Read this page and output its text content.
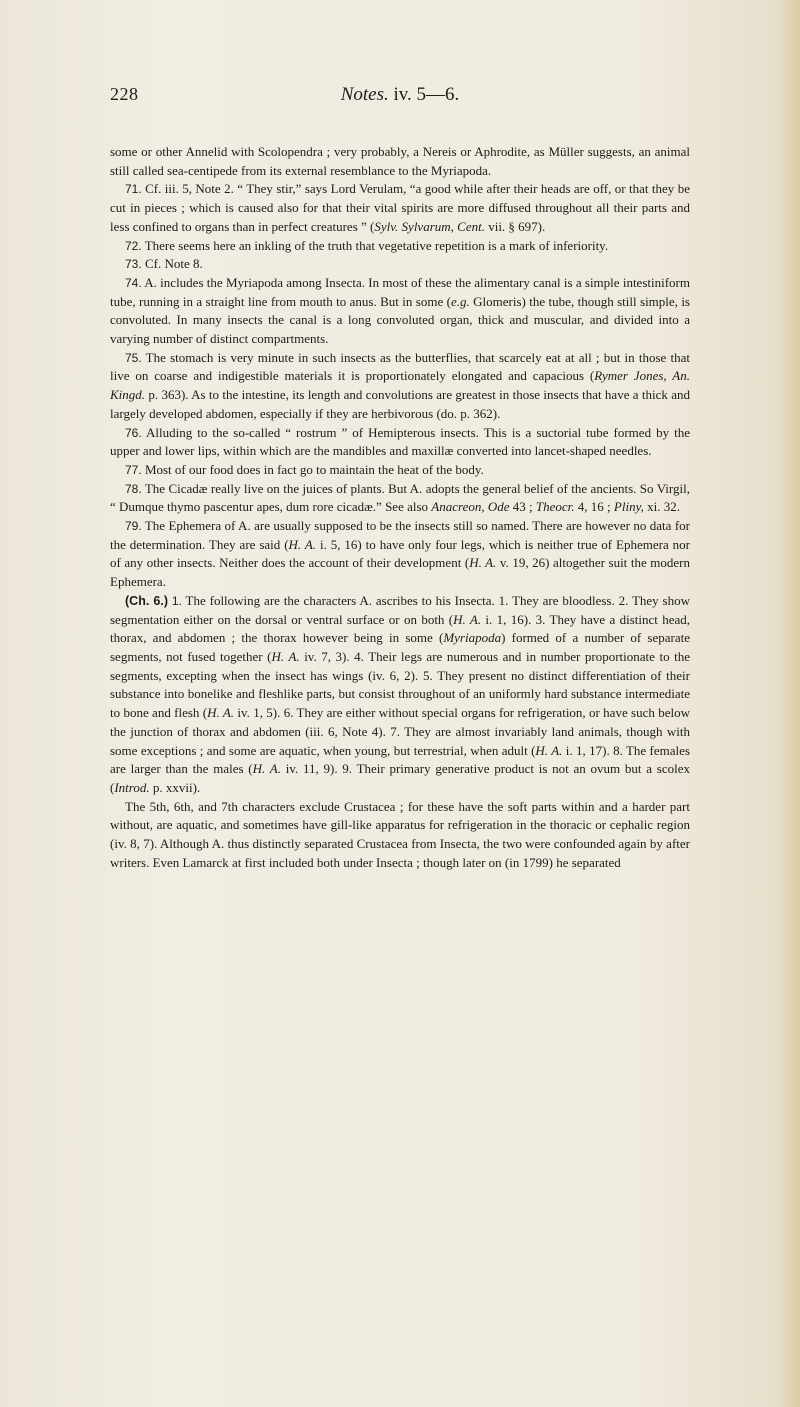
228	Notes. iv. 5—6.

some or other Annelid with Scolopendra ; very probably, a Nereis or Aphrodite, as Müller suggests, an animal still called sea-centipede from its external resemblance to the Myriapoda.

71. Cf. iii. 5, Note 2. “ They stir,” says Lord Verulam, “a good while after their heads are off, or that they be cut in pieces ; which is caused also for that their vital spirits are more diffused throughout all their parts and less confined to organs than in perfect creatures ” (Sylv. Sylvarum, Cent. vii. § 697).

72. There seems here an inkling of the truth that vegetative repetition is a mark of inferiority.

73. Cf. Note 8.

74. A. includes the Myriapoda among Insecta. In most of these the alimentary canal is a simple intestiniform tube, running in a straight line from mouth to anus. But in some (e.g. Glomeris) the tube, though still simple, is convoluted. In many insects the canal is a long convoluted organ, thick and muscular, and divided into a varying number of distinct compartments.

75. The stomach is very minute in such insects as the butterflies, that scarcely eat at all ; but in those that live on coarse and indigestible materials it is proportionately elongated and capacious (Rymer Jones, An. Kingd. p. 363). As to the intestine, its length and convolutions are greatest in those insects that have a thick and largely developed abdomen, especially if they are herbivorous (do. p. 362).

76. Alluding to the so-called “ rostrum ” of Hemipterous insects. This is a suctorial tube formed by the upper and lower lips, within which are the mandibles and maxillæ converted into lancet-shaped needles.

77. Most of our food does in fact go to maintain the heat of the body.

78. The Cicadæ really live on the juices of plants. But A. adopts the general belief of the ancients. So Virgil, “ Dumque thymo pascentur apes, dum rore cicadæ.” See also Anacreon, Ode 43 ; Theocr. 4, 16 ; Pliny, xi. 32.

79. The Ephemera of A. are usually supposed to be the insects still so named. There are however no data for the determination. They are said (H. A. i. 5, 16) to have only four legs, which is neither true of Ephemera nor of any other insects. Neither does the account of their development (H. A. v. 19, 26) altogether suit the modern Ephemera.

(Ch. 6.) 1. The following are the characters A. ascribes to his Insecta. 1. They are bloodless. 2. They show segmentation either on the dorsal or ventral surface or on both (H. A. i. 1, 16). 3. They have a distinct head, thorax, and abdomen ; the thorax however being in some (Myriapoda) formed of a number of separate segments, not fused together (H. A. iv. 7, 3). 4. Their legs are numerous and in number proportionate to the segments, excepting when the insect has wings (iv. 6, 2). 5. They present no distinct differentiation of their substance into bonelike and fleshlike parts, but consist throughout of an uniformly hard substance intermediate to bone and flesh (H. A. iv. 1, 5). 6. They are either without special organs for refrigeration, or have such below the junction of thorax and abdomen (iii. 6, Note 4). 7. They are almost invariably land animals, though with some exceptions ; and some are aquatic, when young, but terrestrial, when adult (H. A. i. 1, 17). 8. The females are larger than the males (H. A. iv. 11, 9). 9. Their primary generative product is not an ovum but a scolex (Introd. p. xxvii).

The 5th, 6th, and 7th characters exclude Crustacea ; for these have the soft parts within and a harder part without, are aquatic, and sometimes have gill-like apparatus for refrigeration in the thoracic or cephalic region (iv. 8, 7). Although A. thus distinctly separated Crustacea from Insecta, the two were confounded again by after writers. Even Lamarck at first included both under Insecta ; though later on (in 1799) he separated
